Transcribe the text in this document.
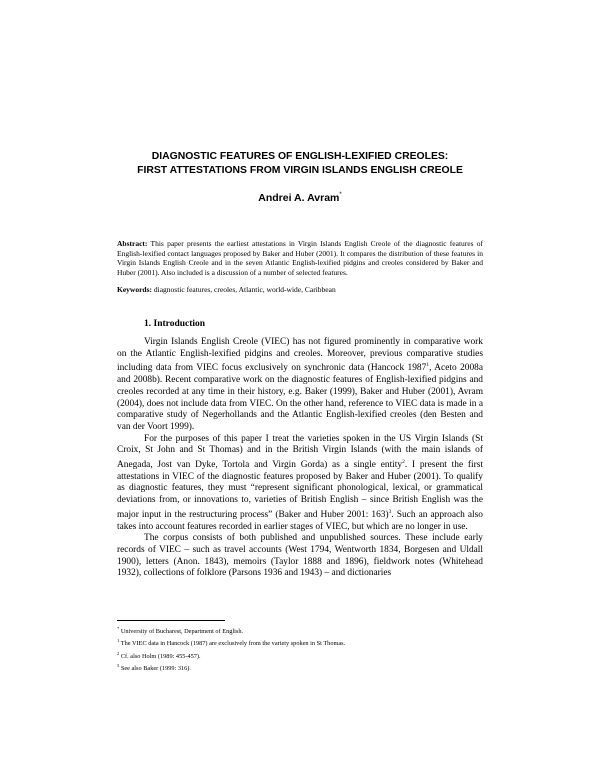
DIAGNOSTIC FEATURES OF ENGLISH-LEXIFIED CREOLES:
FIRST ATTESTATIONS FROM VIRGIN ISLANDS ENGLISH CREOLE
Andrei A. Avram*
Abstract: This paper presents the earliest attestations in Virgin Islands English Creole of the diagnostic features of English-lexified contact languages proposed by Baker and Huber (2001). It compares the distribution of these features in Virgin Islands English Creole and in the seven Atlantic English-lexified pidgins and creoles considered by Baker and Huber (2001). Also included is a discussion of a number of selected features.
Keywords: diagnostic features, creoles, Atlantic, world-wide, Caribbean
1. Introduction

Virgin Islands English Creole (VIEC) has not figured prominently in comparative work on the Atlantic English-lexified pidgins and creoles. Moreover, previous comparative studies including data from VIEC focus exclusively on synchronic data (Hancock 1987$^1$, Aceto 2008a and 2008b). Recent comparative work on the diagnostic features of English-lexified pidgins and creoles recorded at any time in their history, e.g. Baker (1999), Baker and Huber (2001), Avram (2004), does not include data from VIEC. On the other hand, reference to VIEC data is made in a comparative study of Negerhollands and the Atlantic English-lexified creoles (den Besten and van der Voort 1999).

For the purposes of this paper I treat the varieties spoken in the US Virgin Islands (St Croix, St John and St Thomas) and in the British Virgin Islands (with the main islands of Anegada, Jost van Dyke, Tortola and Virgin Gorda) as a single entity$^2$. I present the first attestations in VIEC of the diagnostic features proposed by Baker and Huber (2001). To qualify as diagnostic features, they must “represent significant phonological, lexical, or grammatical deviations from, or innovations to, varieties of British English – since British English was the major input in the restructuring process” (Baker and Huber 2001: 163)$^3$. Such an approach also takes into account features recorded in earlier stages of VIEC, but which are no longer in use.

The corpus consists of both published and unpublished sources. These include early records of VIEC – such as travel accounts (West 1794, Wentworth 1834, Borgesen and Uldall 1900), letters (Anon. 1843), memoirs (Taylor 1888 and 1896), fieldwork notes (Whitehead 1932), collections of folklore (Parsons 1936 and 1943) – and dictionaries

* University of Bucharest, Department of English.
$^1$ The VIEC data in Hancock (1987) are exclusively from the variety spoken in St Thomas.
$^2$ Cf. also Holm (1989: 455-457).
$^3$ See also Baker (1999: 316).
